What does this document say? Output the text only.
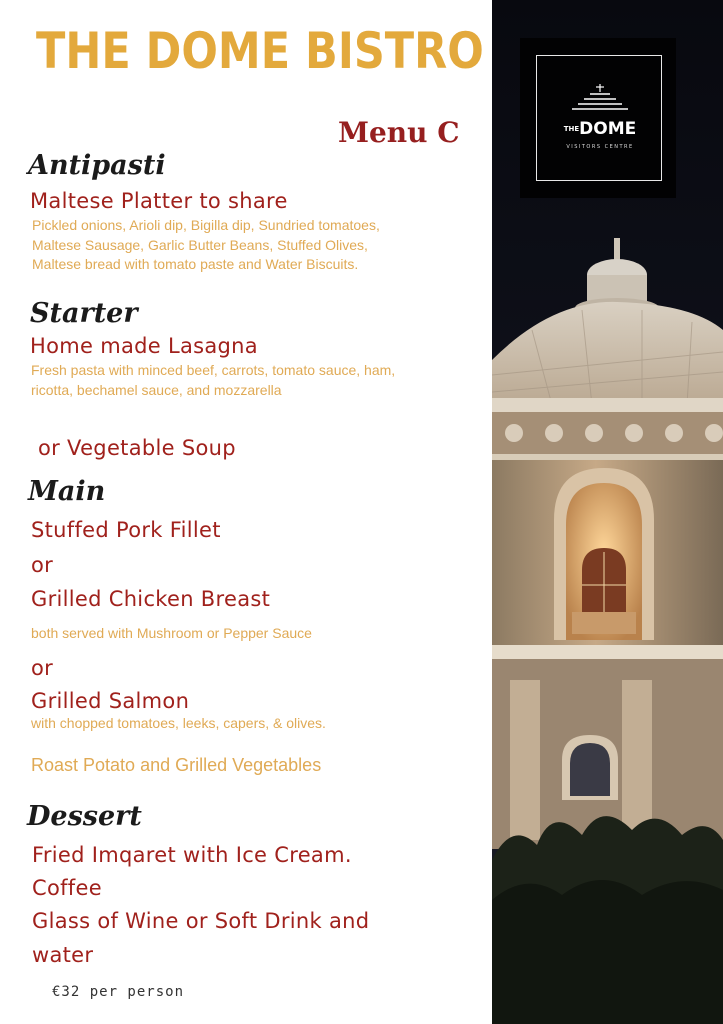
THE DOME BISTRO
Menu C
Antipasti
Maltese Platter to share
Pickled onions, Arioli dip, Bigilla dip, Sundried tomatoes,
Maltese Sausage, Garlic Butter Beans, Stuffed Olives,
Maltese bread with tomato paste and Water Biscuits.
Starter
Home made Lasagna
Fresh pasta with minced beef, carrots, tomato sauce, ham,
ricotta, bechamel sauce, and mozzarella
or Vegetable Soup
Main
Stuffed Pork Fillet
or
Grilled Chicken Breast
both served with Mushroom or Pepper Sauce
or
Grilled Salmon
with chopped tomatoes, leeks, capers, & olives.
Roast Potato and Grilled Vegetables
Dessert
Fried Imqaret with Ice Cream.
Coffee
Glass of Wine or Soft Drink and
water
€32 per person
THEDOME
VISITORS CENTRE
